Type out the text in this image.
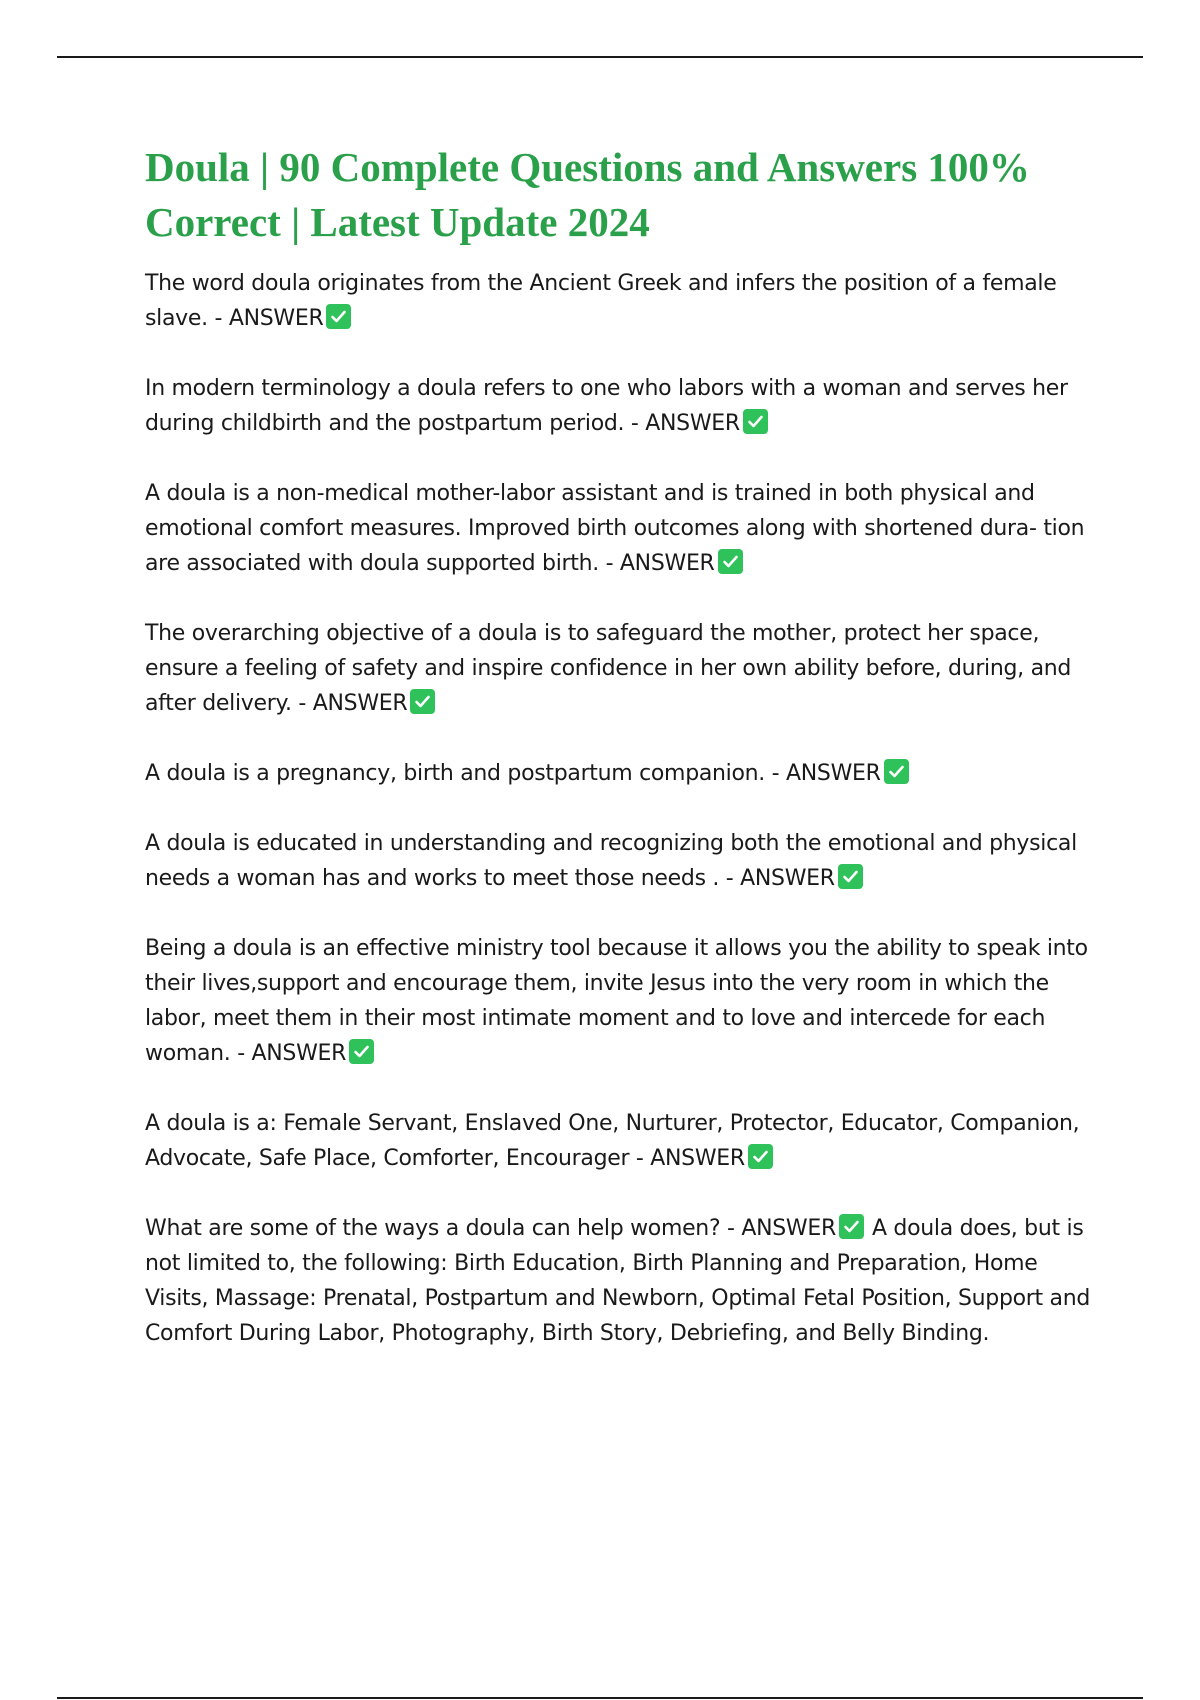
Doula | 90 Complete Questions and Answers 100% Correct | Latest Update 2024

The word doula originates from the Ancient Greek and infers the position of a female slave. - ANSWER

In modern terminology a doula refers to one who labors with a woman and serves her during childbirth and the postpartum period. - ANSWER

A doula is a non-medical mother-labor assistant and is trained in both physical and emotional comfort measures. Improved birth outcomes along with shortened dura- tion are associated with doula supported birth. - ANSWER

The overarching objective of a doula is to safeguard the mother, protect her space, ensure a feeling of safety and inspire confidence in her own ability before, during, and after delivery. - ANSWER

A doula is a pregnancy, birth and postpartum companion. - ANSWER

A doula is educated in understanding and recognizing both the emotional and physical needs a woman has and works to meet those needs . - ANSWER

Being a doula is an effective ministry tool because it allows you the ability to speak into their lives,support and encourage them, invite Jesus into the very room in which the labor, meet them in their most intimate moment and to love and intercede for each woman. - ANSWER

A doula is a: Female Servant, Enslaved One, Nurturer, Protector, Educator, Companion, Advocate, Safe Place, Comforter, Encourager - ANSWER

What are some of the ways a doula can help women? - ANSWER A doula does, but is not limited to, the following: Birth Education, Birth Planning and Preparation, Home Visits, Massage: Prenatal, Postpartum and Newborn, Optimal Fetal Position, Support and Comfort During Labor, Photography, Birth Story, Debriefing, and Belly Binding.
